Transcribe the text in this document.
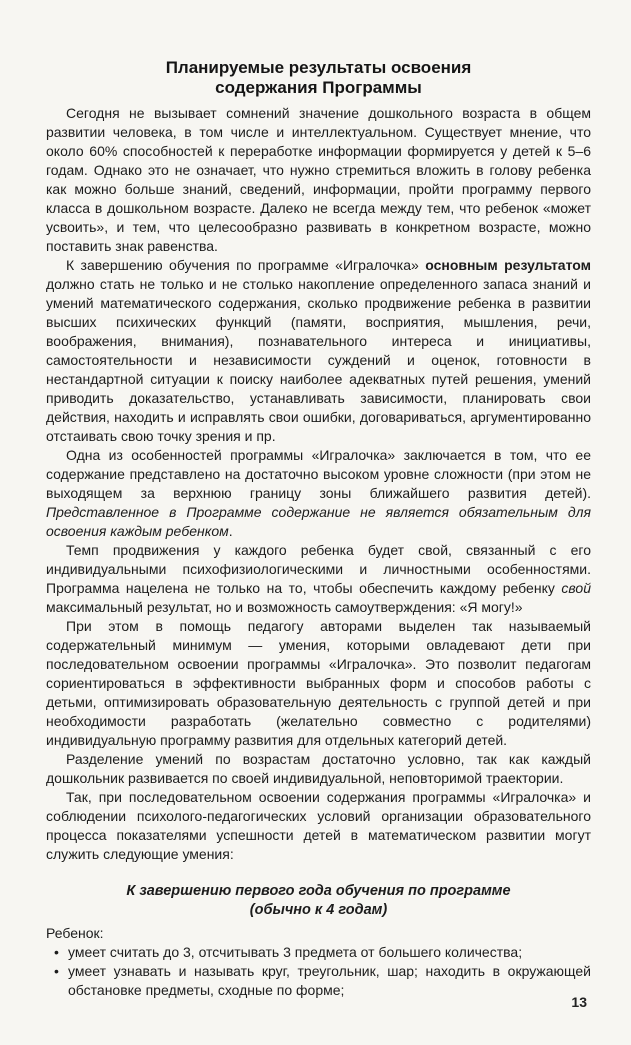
Планируемые результаты освоения
содержания Программы

Сегодня не вызывает сомнений значение дошкольного возраста в общем развитии человека, в том числе и интеллектуальном. Существует мнение, что около 60% способностей к переработке информации формируется у детей к 5–6 годам. Однако это не означает, что нужно стремиться вложить в голову ребенка как можно больше знаний, сведений, информации, пройти программу первого класса в дошкольном возрасте. Далеко не всегда между тем, что ребенок «может усвоить», и тем, что целесообразно развивать в конкретном возрасте, можно поставить знак равенства.

К завершению обучения по программе «Игралочка» основным результатом должно стать не только и не столько накопление определенного запаса знаний и умений математического содержания, сколько продвижение ребенка в развитии высших психических функций (памяти, восприятия, мышления, речи, воображения, внимания), познавательного интереса и инициативы, самостоятельности и независимости суждений и оценок, готовности в нестандартной ситуации к поиску наиболее адекватных путей решения, умений приводить доказательство, устанавливать зависимости, планировать свои действия, находить и исправлять свои ошибки, договариваться, аргументированно отстаивать свою точку зрения и пр.

Одна из особенностей программы «Игралочка» заключается в том, что ее содержание представлено на достаточно высоком уровне сложности (при этом не выходящем за верхнюю границу зоны ближайшего развития детей). Представленное в Программе содержание не является обязательным для освоения каждым ребенком.

Темп продвижения у каждого ребенка будет свой, связанный с его индивидуальными психофизиологическими и личностными особенностями. Программа нацелена не только на то, чтобы обеспечить каждому ребенку свой максимальный результат, но и возможность самоутверждения: «Я могу!»

При этом в помощь педагогу авторами выделен так называемый содержательный минимум — умения, которыми овладевают дети при последовательном освоении программы «Игралочка». Это позволит педагогам сориентироваться в эффективности выбранных форм и способов работы с детьми, оптимизировать образовательную деятельность с группой детей и при необходимости разработать (желательно совместно с родителями) индивидуальную программу развития для отдельных категорий детей.

Разделение умений по возрастам достаточно условно, так как каждый дошкольник развивается по своей индивидуальной, неповторимой траектории.

Так, при последовательном освоении содержания программы «Игралочка» и соблюдении психолого-педагогических условий организации образовательного процесса показателями успешности детей в математическом развитии могут служить следующие умения:

К завершению первого года обучения по программе
(обычно к 4 годам)
Ребенок:
• умеет считать до 3, отсчитывать 3 предмета от большего количества;
• умеет узнавать и называть круг, треугольник, шар; находить в окружающей обстановке предметы, сходные по форме;
13
